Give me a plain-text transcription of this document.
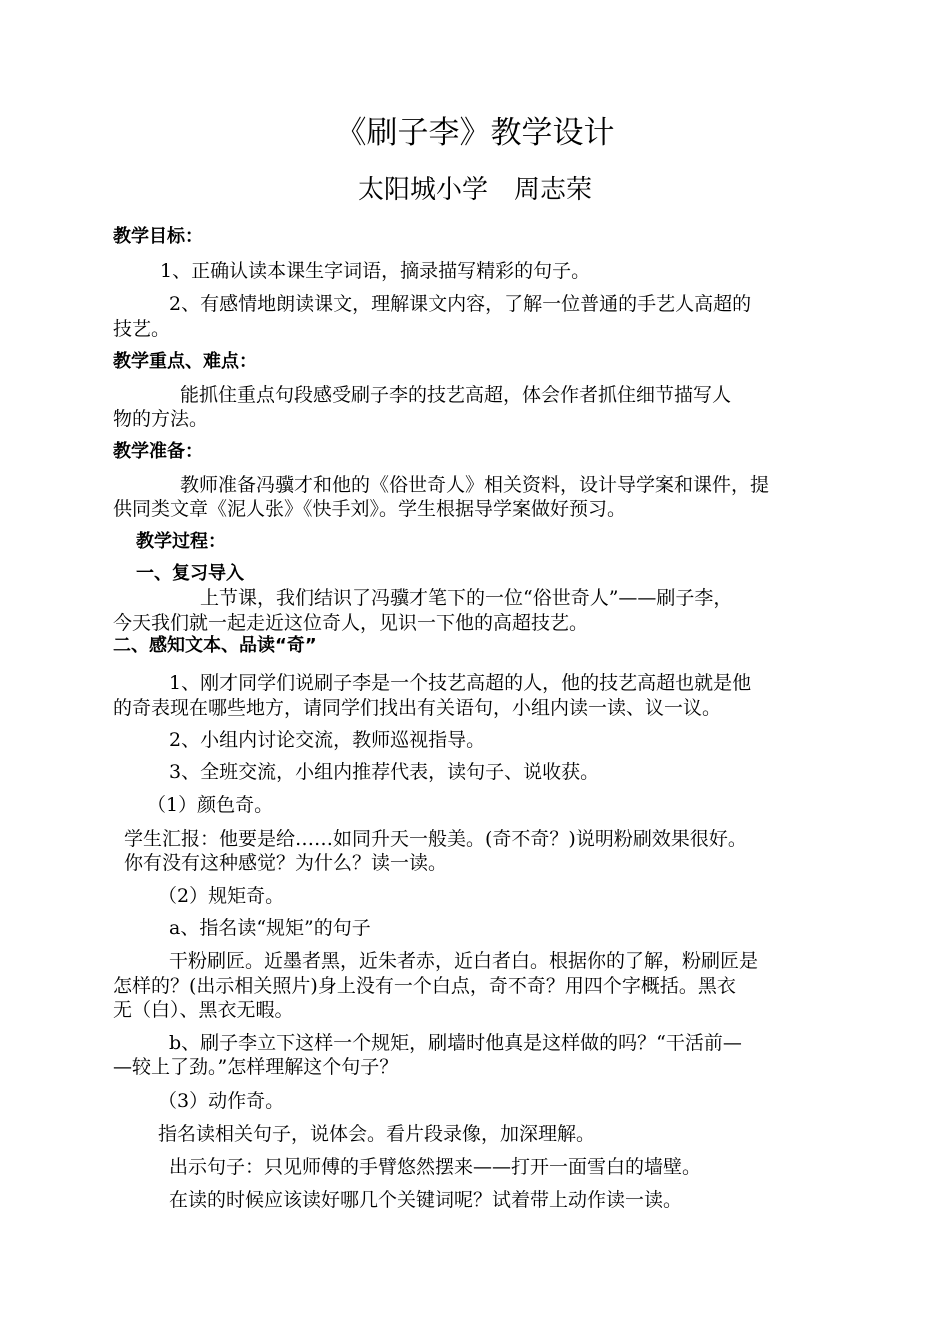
《刷子李》教学设计
太阳城小学　周志荣
教学目标：
1、正确认读本课生字词语，摘录描写精彩的句子。
2、有感情地朗读课文，理解课文内容，了解一位普通的手艺人高超的
技艺。
教学重点、难点：
能抓住重点句段感受刷子李的技艺高超，体会作者抓住细节描写人
物的方法。
教学准备：
教师准备冯骥才和他的《俗世奇人》相关资料，设计导学案和课件，提
供同类文章《泥人张》《快手刘》。学生根据导学案做好预习。
教学过程：
一、复习导入
上节课，我们结识了冯骥才笔下的一位“俗世奇人”——刷子李，
今天我们就一起走近这位奇人，见识一下他的高超技艺。
二、感知文本、品读“奇”
1、刚才同学们说刷子李是一个技艺高超的人，他的技艺高超也就是他
的奇表现在哪些地方，请同学们找出有关语句，小组内读一读、议一议。
2、小组内讨论交流，教师巡视指导。
3、全班交流，小组内推荐代表，读句子、说收获。
（1）颜色奇。
学生汇报：他要是给……如同升天一般美。(奇不奇？)说明粉刷效果很好。
你有没有这种感觉？为什么？读一读。
（2）规矩奇。
a、指名读“规矩”的句子
干粉刷匠。近墨者黑，近朱者赤，近白者白。根据你的了解，粉刷匠是
怎样的？(出示相关照片)身上没有一个白点，奇不奇？用四个字概括。黑衣
无（白）、黑衣无暇。
b、刷子李立下这样一个规矩，刷墙时他真是这样做的吗？“干活前—
—较上了劲。”怎样理解这个句子？
（3）动作奇。
指名读相关句子，说体会。看片段录像，加深理解。
出示句子：只见师傅的手臂悠然摆来——打开一面雪白的墙壁。
在读的时候应该读好哪几个关键词呢？试着带上动作读一读。
